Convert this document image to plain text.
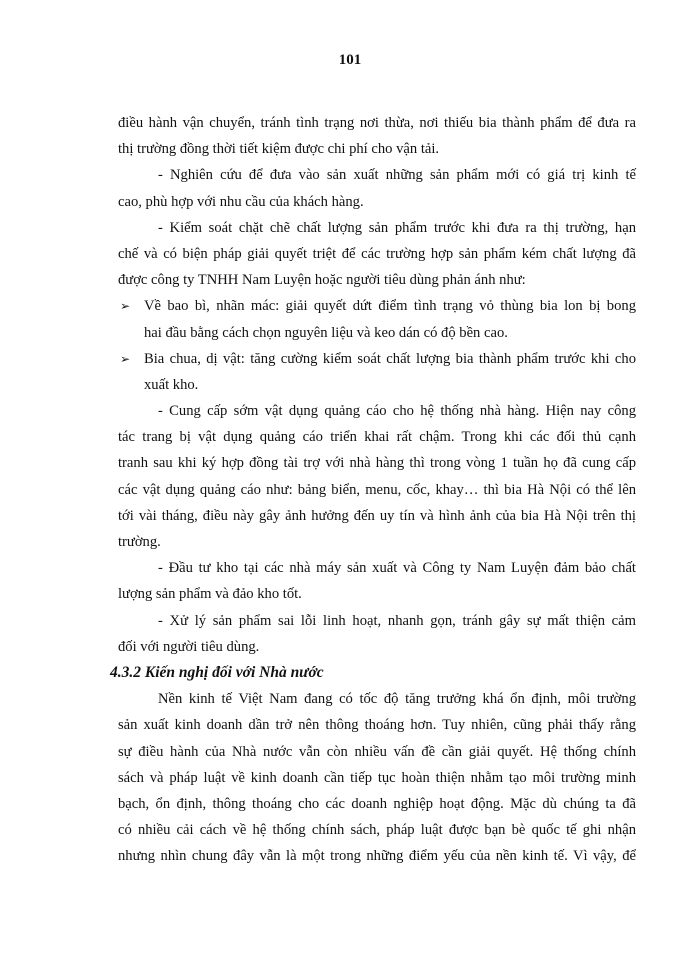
101
điều hành vận chuyển, tránh tình trạng nơi thừa, nơi thiếu bia thành phẩm để đưa ra
thị trường đồng thời tiết kiệm được chi phí cho vận tải.
- Nghiên cứu để đưa vào sản xuất những sản phẩm mới có giá trị kinh tế
cao, phù hợp với nhu cầu của khách hàng.
- Kiểm soát chặt chẽ chất lượng sản phẩm trước khi đưa ra thị trường, hạn
chế và có biện pháp giải quyết triệt để các trường hợp sản phẩm kém chất lượng đã
được công ty TNHH Nam Luyện hoặc người tiêu dùng phản ánh như:
➢ Về bao bì, nhãn mác: giải quyết dứt điểm tình trạng vỏ thùng bia lon bị bong
hai đầu bằng cách chọn nguyên liệu và keo dán có độ bền cao.
➢ Bia chua, dị vật: tăng cường kiểm soát chất lượng bia thành phẩm trước khi cho
xuất kho.
- Cung cấp sớm vật dụng quảng cáo cho hệ thống nhà hàng. Hiện nay công
tác trang bị vật dụng quảng cáo triển khai rất chậm. Trong khi các đối thủ cạnh
tranh sau khi ký hợp đồng tài trợ với nhà hàng thì trong vòng 1 tuần họ đã cung cấp
các vật dụng quảng cáo như: bảng biển, menu, cốc, khay… thì bia Hà Nội có thể lên
tới vài tháng, điều này gây ảnh hưởng đến uy tín và hình ảnh của bia Hà Nội trên thị
trường.
- Đầu tư kho tại các nhà máy sản xuất và Công ty Nam Luyện đảm bảo chất
lượng sản phẩm và đảo kho tốt.
- Xử lý sản phẩm sai lỗi linh hoạt, nhanh gọn, tránh gây sự mất thiện cảm
đối với người tiêu dùng.
4.3.2 Kiến nghị đối với Nhà nước
Nền kinh tế Việt Nam đang có tốc độ tăng trưởng khá ổn định, môi trường
sản xuất kinh doanh dần trở nên thông thoáng hơn. Tuy nhiên, cũng phải thấy rằng
sự điều hành của Nhà nước vẫn còn nhiều vấn đề cần giải quyết. Hệ thống chính
sách và pháp luật về kinh doanh cần tiếp tục hoàn thiện nhằm tạo môi trường minh
bạch, ổn định, thông thoáng cho các doanh nghiệp hoạt động. Mặc dù chúng ta đã
có nhiều cải cách về hệ thống chính sách, pháp luật được bạn bè quốc tế ghi nhận
nhưng nhìn chung đây vẫn là một trong những điểm yếu của nền kinh tế. Vì vậy, để
